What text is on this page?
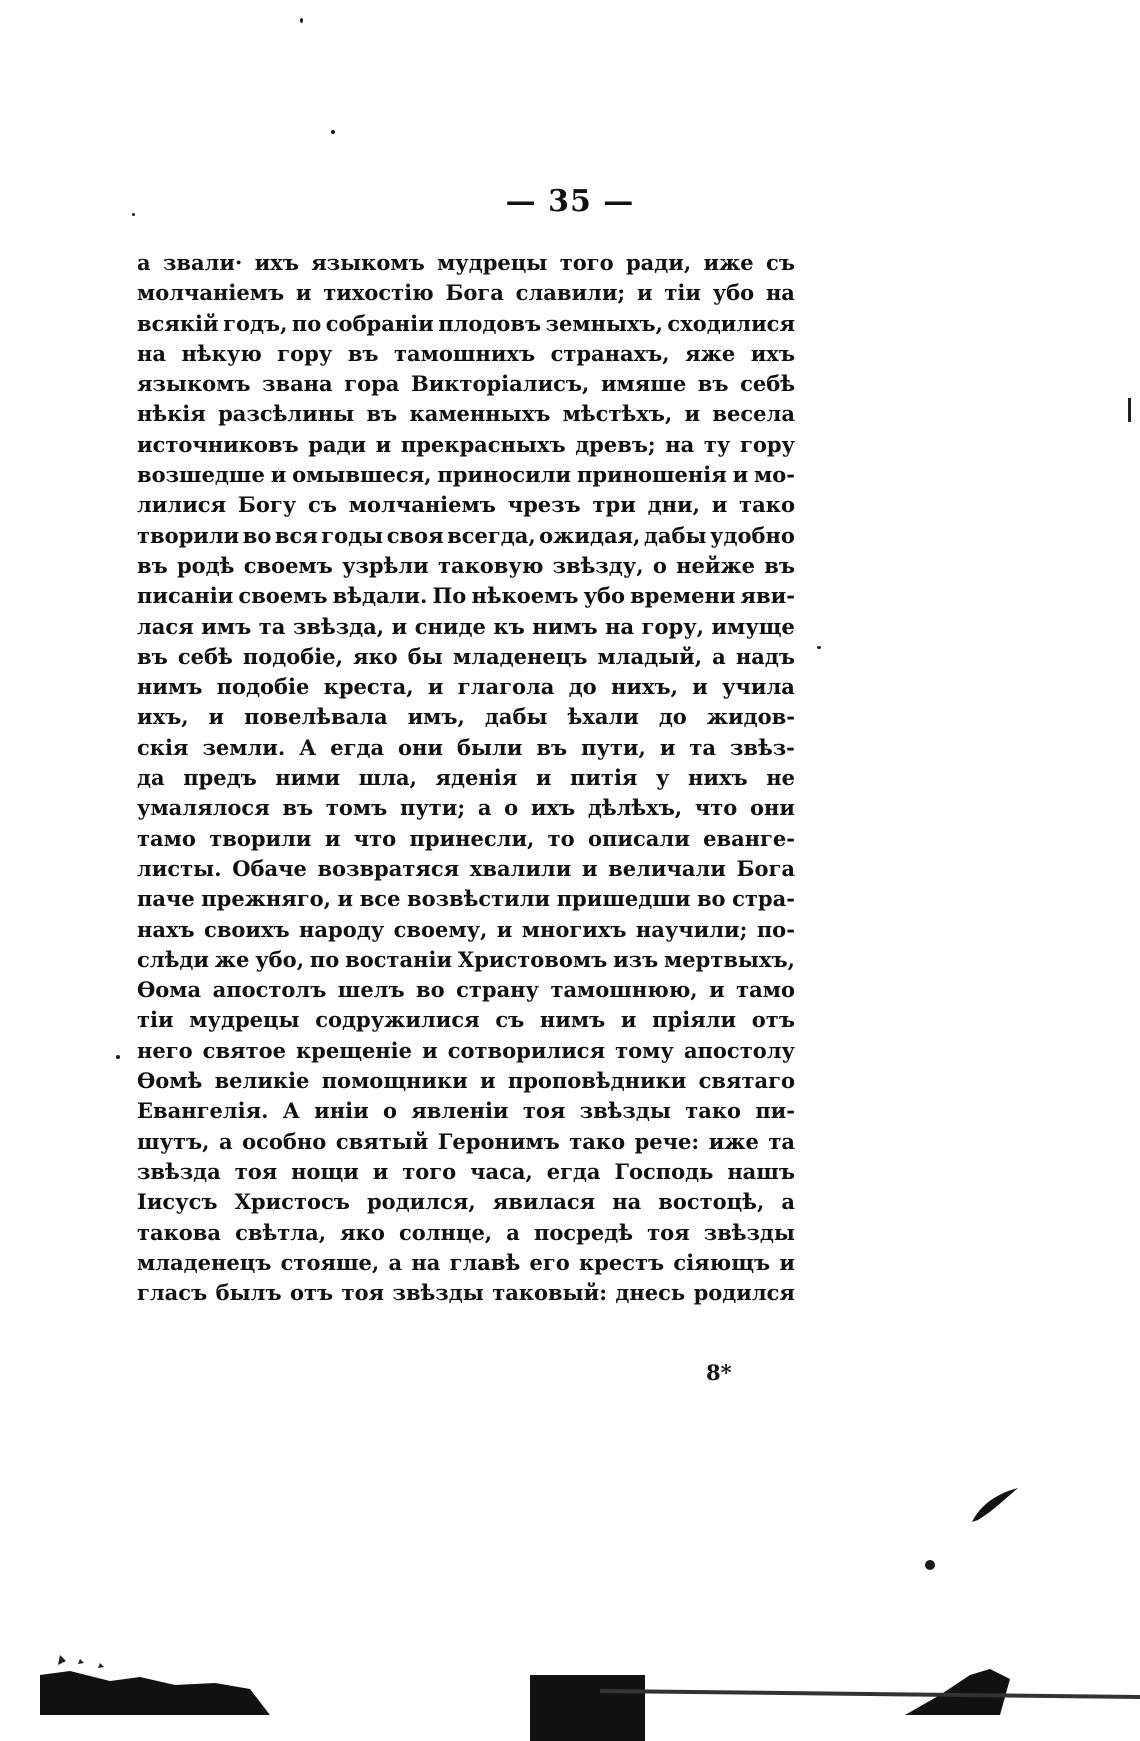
— 35 —
а звали· ихъ языкомъ мудрецы того ради, иже съ
молчанiемъ и тихостiю Бога славили; и тiи убо на
всякiй годъ, по собранiи плодовъ земныхъ, сходилися
на нѣкую гору въ тамошнихъ странахъ, яже ихъ
языкомъ звана гора Викторiалисъ, имяше въ себѣ
нѣкiя разсѣлины въ каменныхъ мѣстѣхъ, и весела
источниковъ ради и прекрасныхъ древъ; на ту гору
возшедше и омывшеся, приносили приношенiя и мо-
лилися Богу съ молчанiемъ чрезъ три дни, и тако
творили во вся годы своя всегда, ожидая, дабы удобно
въ родѣ своемъ узрѣли таковую звѣзду, о нейже въ
писанiи своемъ вѣдали. По нѣкоемъ убо времени яви-
лася имъ та звѣзда, и сниде къ нимъ на гору, имуще
въ себѣ подобiе, яко бы младенецъ младый, а надъ
нимъ подобiе креста, и глагола до нихъ, и учила
ихъ, и повелѣвала имъ, дабы ѣхали до жидов-
скiя земли. А егда они были въ пути, и та звѣз-
да предъ ними шла, яденiя и питiя у нихъ не
умалялося въ томъ пути; а о ихъ дѣлѣхъ, что они
тамо творили и что принесли, то описали еванге-
листы. Обаче возвратяся хвалили и величали Бога
паче прежняго, и все возвѣстили пришедши во стра-
нахъ своихъ народу своему, и многихъ научили; по-
слѣди же убо, по востанiи Христовомъ изъ мертвыхъ,
Ѳома апостолъ шелъ во страну тамошнюю, и тамо
тiи мудрецы содружилися съ нимъ и прiяли отъ
него святое крещенiе и сотворилися тому апостолу
Ѳомѣ великiе помощники и проповѣдники святаго
Евангелiя. А инiи о явленiи тоя звѣзды тако пи-
шутъ, а особно святый Геронимъ тако рече: иже та
звѣзда тоя нощи и того часа, егда Господь нашъ
Iисусъ Христосъ родился, явилася на востоцѣ, а
такова свѣтла, яко солнце, а посредѣ тоя звѣзды
младенецъ стояше, а на главѣ его крестъ сiяющъ и
гласъ былъ отъ тоя звѣзды таковый: днесь родился
8*
